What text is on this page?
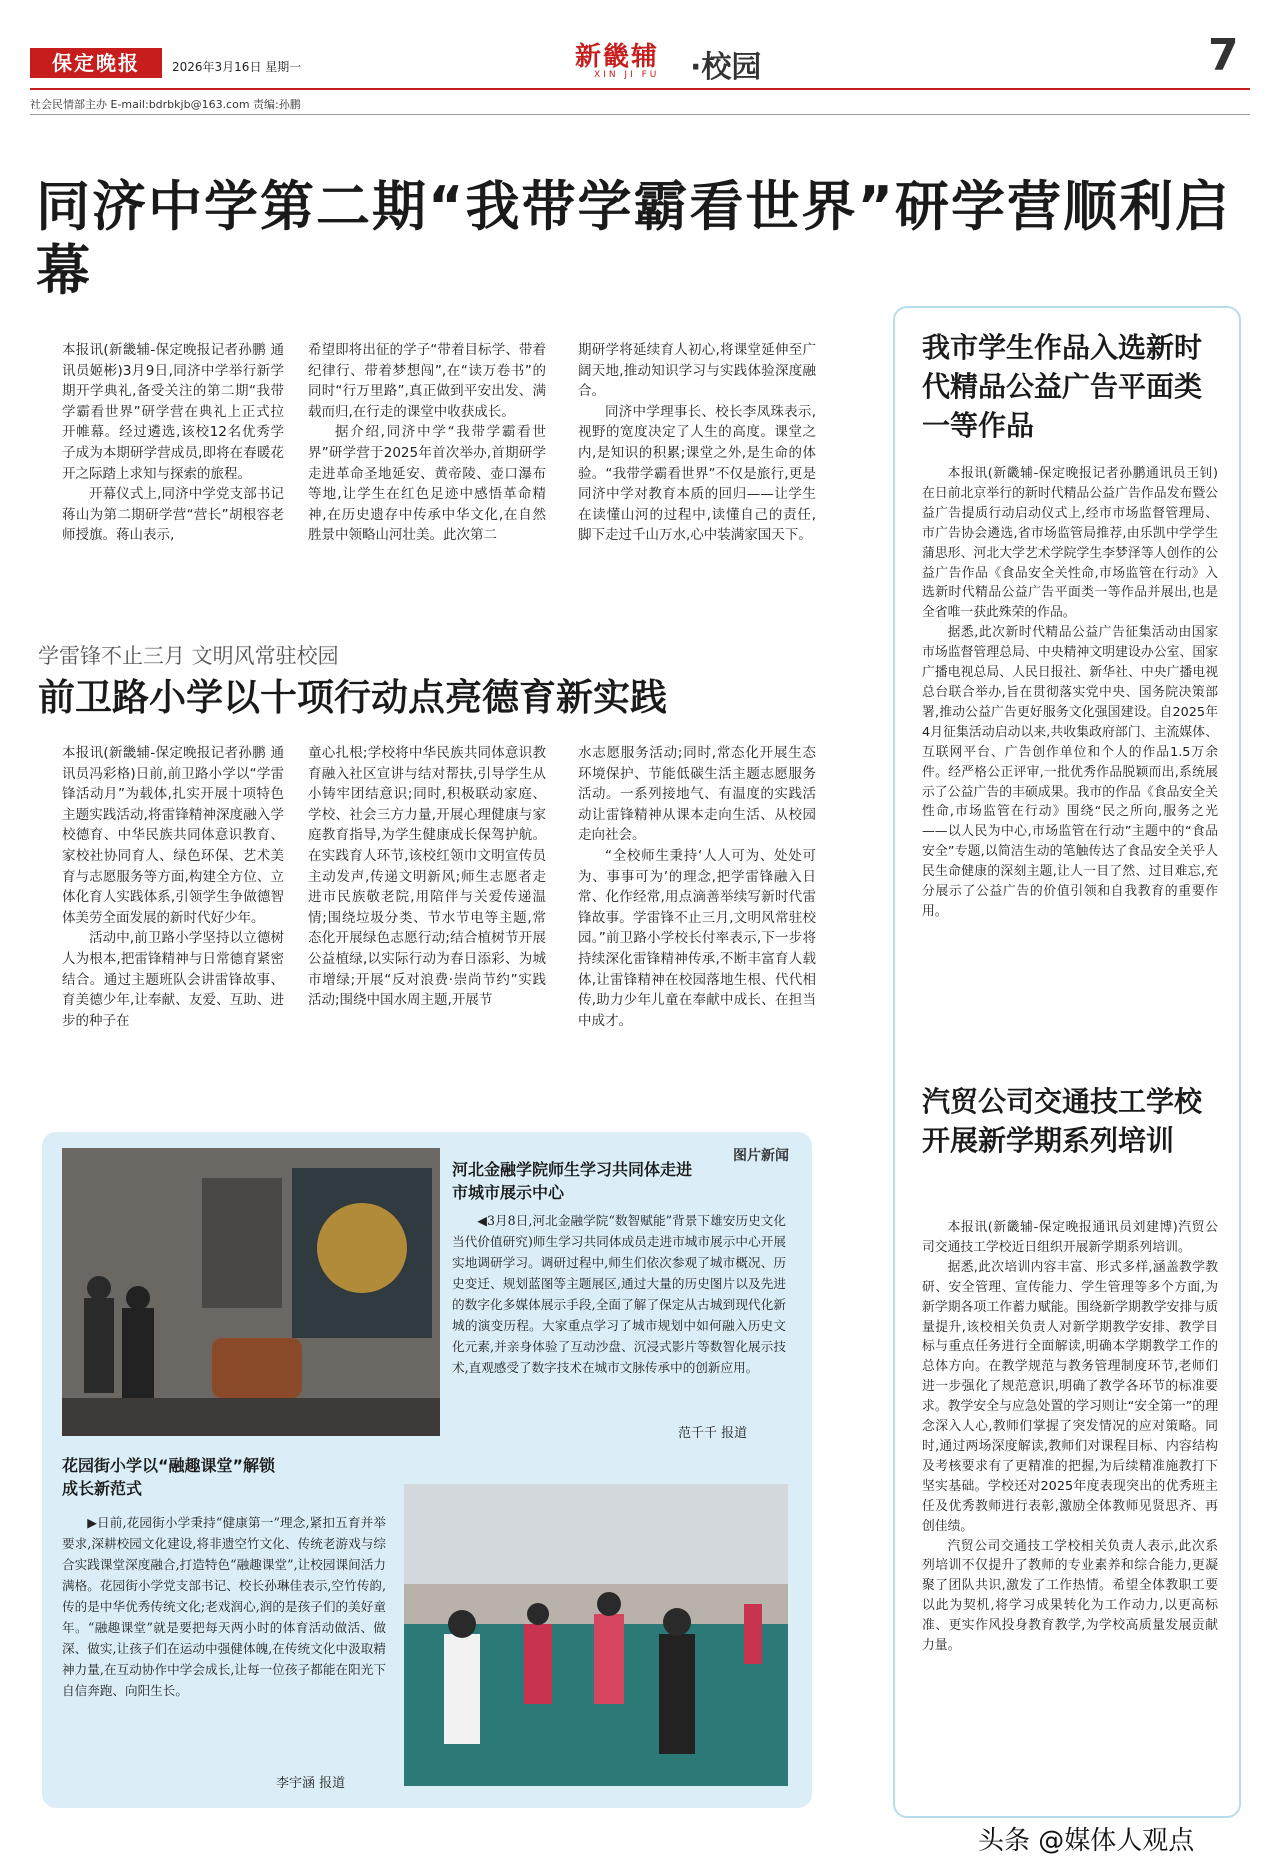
保定晚报	2026年3月16日 星期一	新畿辅
XIN JI FU ·校园	7
社会民情部主办 E-mail:bdrbkjb@163.com 责编:孙鹏
同济中学第二期“我带学霸看世界”研学营顺利启幕

本报讯(新畿辅-保定晚报记者孙鹏 通讯员姬彬)3月9日,同济中学举行新学期开学典礼,备受关注的第二期“我带学霸看世界”研学营在典礼上正式拉开帷幕。经过遴选,该校12名优秀学子成为本期研学营成员,即将在春暖花开之际踏上求知与探索的旅程。

开幕仪式上,同济中学党支部书记蒋山为第二期研学营“营长”胡根容老师授旗。蒋山表示,

希望即将出征的学子“带着目标学、带着纪律行、带着梦想闯”,在“读万卷书”的同时“行万里路”,真正做到平安出发、满载而归,在行走的课堂中收获成长。

据介绍,同济中学“我带学霸看世界”研学营于2025年首次举办,首期研学走进革命圣地延安、黄帝陵、壶口瀑布等地,让学生在红色足迹中感悟革命精神,在历史遗存中传承中华文化,在自然胜景中领略山河壮美。此次第二

期研学将延续育人初心,将课堂延伸至广阔天地,推动知识学习与实践体验深度融合。

同济中学理事长、校长李凤珠表示,视野的宽度决定了人生的高度。课堂之内,是知识的积累;课堂之外,是生命的体验。“我带学霸看世界”不仅是旅行,更是同济中学对教育本质的回归——让学生在读懂山河的过程中,读懂自己的责任,脚下走过千山万水,心中装满家国天下。

学雷锋不止三月 文明风常驻校园
前卫路小学以十项行动点亮德育新实践

本报讯(新畿辅-保定晚报记者孙鹏 通讯员冯彩格)日前,前卫路小学以“学雷锋活动月”为载体,扎实开展十项特色主题实践活动,将雷锋精神深度融入学校德育、中华民族共同体意识教育、家校社协同育人、绿色环保、艺术美育与志愿服务等方面,构建全方位、立体化育人实践体系,引领学生争做德智体美劳全面发展的新时代好少年。

活动中,前卫路小学坚持以立德树人为根本,把雷锋精神与日常德育紧密结合。通过主题班队会讲雷锋故事、育美德少年,让奉献、友爱、互助、进步的种子在

童心扎根;学校将中华民族共同体意识教育融入社区宣讲与结对帮扶,引导学生从小铸牢团结意识;同时,积极联动家庭、学校、社会三方力量,开展心理健康与家庭教育指导,为学生健康成长保驾护航。在实践育人环节,该校红领巾文明宣传员主动发声,传递文明新风;师生志愿者走进市民族敬老院,用陪伴与关爱传递温情;围绕垃圾分类、节水节电等主题,常态化开展绿色志愿行动;结合植树节开展公益植绿,以实际行动为春日添彩、为城市增绿;开展“反对浪费·崇尚节约”实践活动;围绕中国水周主题,开展节

水志愿服务活动;同时,常态化开展生态环境保护、节能低碳生活主题志愿服务活动。一系列接地气、有温度的实践活动让雷锋精神从课本走向生活、从校园走向社会。

“全校师生秉持‘人人可为、处处可为、事事可为’的理念,把学雷锋融入日常、化作经常,用点滴善举续写新时代雷锋故事。学雷锋不止三月,文明风常驻校园。”前卫路小学校长付率表示,下一步将持续深化雷锋精神传承,不断丰富育人载体,让雷锋精神在校园落地生根、代代相传,助力少年儿童在奉献中成长、在担当中成才。

我市学生作品入选新时代精品公益广告平面类一等作品

本报讯(新畿辅-保定晚报记者孙鹏通讯员王钊)在日前北京举行的新时代精品公益广告作品发布暨公益广告提质行动启动仪式上,经市市场监督管理局、市广告协会遴选,省市场监管局推荐,由乐凯中学学生蒲思形、河北大学艺术学院学生李梦泽等人创作的公益广告作品《食品安全关性命,市场监管在行动》入选新时代精品公益广告平面类一等作品并展出,也是全省唯一获此殊荣的作品。

据悉,此次新时代精品公益广告征集活动由国家市场监督管理总局、中央精神文明建设办公室、国家广播电视总局、人民日报社、新华社、中央广播电视总台联合举办,旨在贯彻落实党中央、国务院决策部署,推动公益广告更好服务文化强国建设。自2025年4月征集活动启动以来,共收集政府部门、主流媒体、互联网平台、广告创作单位和个人的作品1.5万余件。经严格公正评审,一批优秀作品脱颖而出,系统展示了公益广告的丰硕成果。我市的作品《食品安全关性命,市场监管在行动》围绕“民之所向,服务之光——以人民为中心,市场监管在行动”主题中的“食品安全”专题,以简洁生动的笔触传达了食品安全关乎人民生命健康的深刻主题,让人一目了然、过目难忘,充分展示了公益广告的价值引领和自我教育的重要作用。

汽贸公司交通技工学校开展新学期系列培训

本报讯(新畿辅-保定晚报通讯员刘建博)汽贸公司交通技工学校近日组织开展新学期系列培训。

据悉,此次培训内容丰富、形式多样,涵盖教学教研、安全管理、宣传能力、学生管理等多个方面,为新学期各项工作蓄力赋能。围绕新学期教学安排与质量提升,该校相关负责人对新学期教学安排、教学目标与重点任务进行全面解读,明确本学期教学工作的总体方向。在教学规范与教务管理制度环节,老师们进一步强化了规范意识,明确了教学各环节的标准要求。教学安全与应急处置的学习则让“安全第一”的理念深入人心,教师们掌握了突发情况的应对策略。同时,通过两场深度解读,教师们对课程目标、内容结构及考核要求有了更精准的把握,为后续精准施教打下坚实基础。学校还对2025年度表现突出的优秀班主任及优秀教师进行表彰,激励全体教师见贤思齐、再创佳绩。

汽贸公司交通技工学校相关负责人表示,此次系列培训不仅提升了教师的专业素养和综合能力,更凝聚了团队共识,激发了工作热情。希望全体教职工要以此为契机,将学习成果转化为工作动力,以更高标准、更实作风投身教育教学,为学校高质量发展贡献力量。

图片新闻
河北金融学院师生学习共同体走进市城市展示中心

◀3月8日,河北金融学院“数智赋能”背景下雄安历史文化当代价值研究)师生学习共同体成员走进市城市展示中心开展实地调研学习。调研过程中,师生们依次参观了城市概况、历史变迁、规划蓝图等主题展区,通过大量的历史图片以及先进的数字化多媒体展示手段,全面了解了保定从古城到现代化新城的演变历程。大家重点学习了城市规划中如何融入历史文化元素,并亲身体验了互动沙盘、沉浸式影片等数智化展示技术,直观感受了数字技术在城市文脉传承中的创新应用。

范千千 报道
花园街小学以“融趣课堂”解锁成长新范式

▶日前,花园街小学秉持“健康第一”理念,紧扣五育并举要求,深耕校园文化建设,将非遗空竹文化、传统老游戏与综合实践课堂深度融合,打造特色“融趣课堂”,让校园课间活力满格。花园街小学党支部书记、校长孙琳佳表示,空竹传韵,传的是中华优秀传统文化;老戏润心,润的是孩子们的美好童年。“融趣课堂”就是要把每天两小时的体育活动做活、做深、做实,让孩子们在运动中强健体魄,在传统文化中汲取精神力量,在互动协作中学会成长,让每一位孩子都能在阳光下自信奔跑、向阳生长。

李宇涵 报道
头条 @媒体人观点
